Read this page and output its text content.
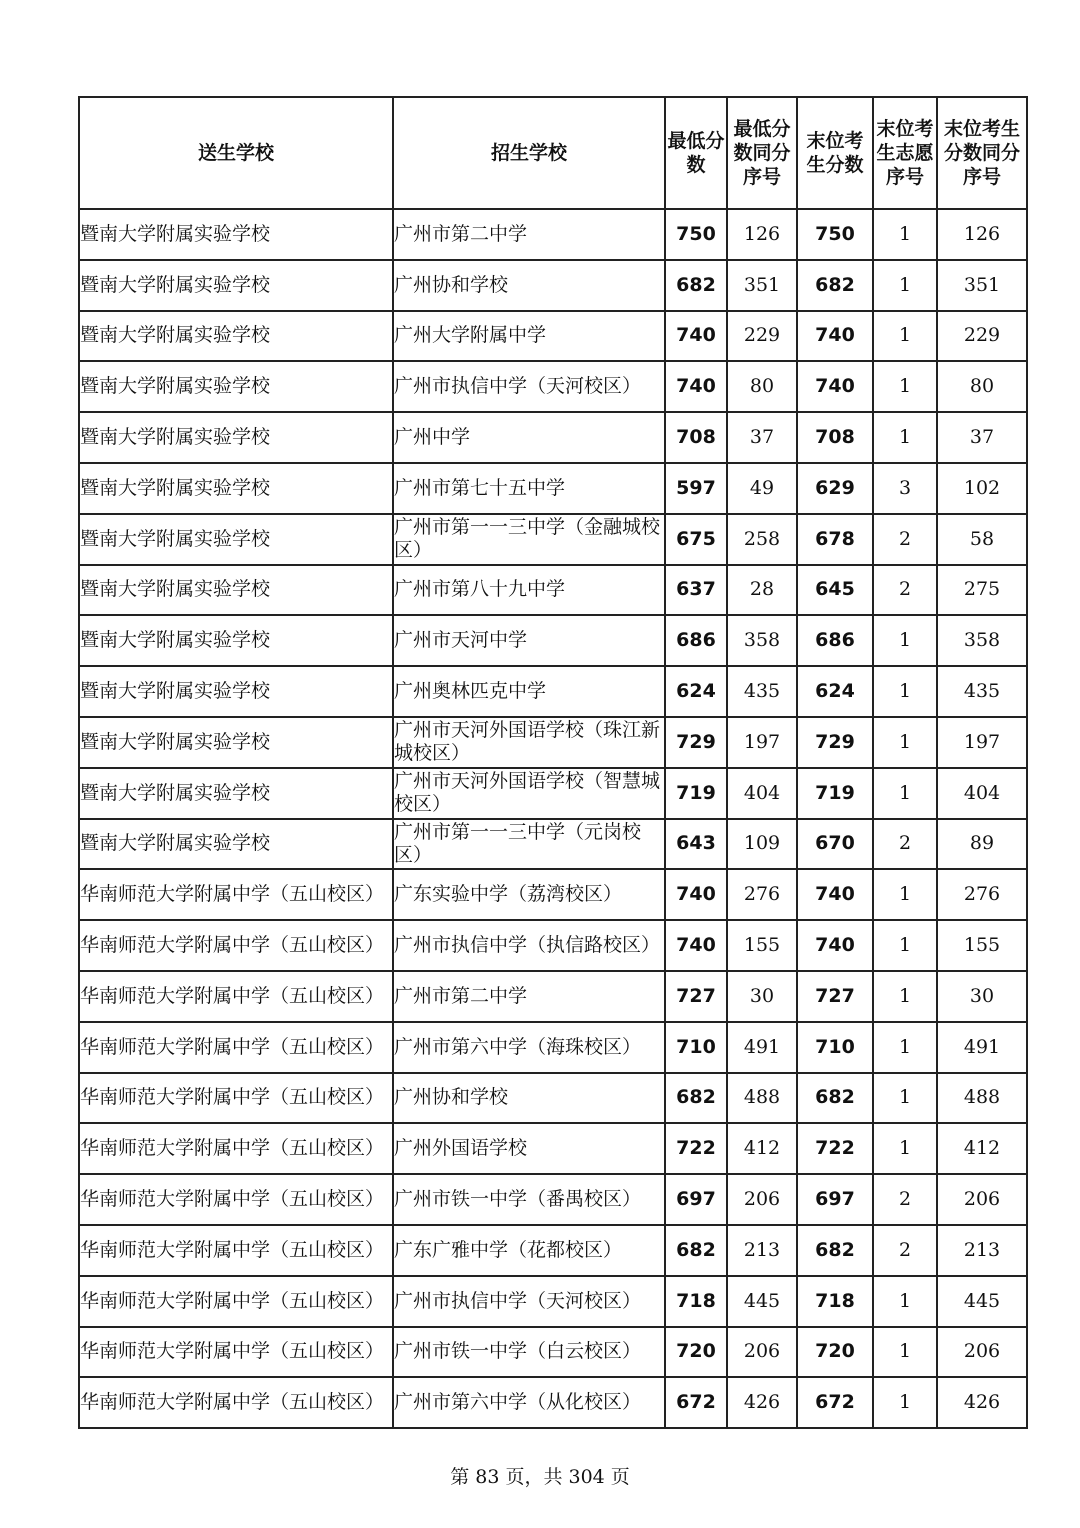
送生学校	招生学校	最低分数	最低分数同分序号	末位考生分数	末位考生志愿序号	末位考生分数同分序号
暨南大学附属实验学校	广州市第二中学	750	126	750	1	126
暨南大学附属实验学校	广州协和学校	682	351	682	1	351
暨南大学附属实验学校	广州大学附属中学	740	229	740	1	229
暨南大学附属实验学校	广州市执信中学（天河校区）	740	80	740	1	80
暨南大学附属实验学校	广州中学	708	37	708	1	37
暨南大学附属实验学校	广州市第七十五中学	597	49	629	3	102
暨南大学附属实验学校	广州市第一一三中学（金融城校区）	675	258	678	2	58
暨南大学附属实验学校	广州市第八十九中学	637	28	645	2	275
暨南大学附属实验学校	广州市天河中学	686	358	686	1	358
暨南大学附属实验学校	广州奥林匹克中学	624	435	624	1	435
暨南大学附属实验学校	广州市天河外国语学校（珠江新城校区）	729	197	729	1	197
暨南大学附属实验学校	广州市天河外国语学校（智慧城校区）	719	404	719	1	404
暨南大学附属实验学校	广州市第一一三中学（元岗校区）	643	109	670	2	89
华南师范大学附属中学（五山校区）	广东实验中学（荔湾校区）	740	276	740	1	276
华南师范大学附属中学（五山校区）	广州市执信中学（执信路校区）	740	155	740	1	155
华南师范大学附属中学（五山校区）	广州市第二中学	727	30	727	1	30
华南师范大学附属中学（五山校区）	广州市第六中学（海珠校区）	710	491	710	1	491
华南师范大学附属中学（五山校区）	广州协和学校	682	488	682	1	488
华南师范大学附属中学（五山校区）	广州外国语学校	722	412	722	1	412
华南师范大学附属中学（五山校区）	广州市铁一中学（番禺校区）	697	206	697	2	206
华南师范大学附属中学（五山校区）	广东广雅中学（花都校区）	682	213	682	2	213
华南师范大学附属中学（五山校区）	广州市执信中学（天河校区）	718	445	718	1	445
华南师范大学附属中学（五山校区）	广州市铁一中学（白云校区）	720	206	720	1	206
华南师范大学附属中学（五山校区）	广州市第六中学（从化校区）	672	426	672	1	426
第 83 页，共 304 页
